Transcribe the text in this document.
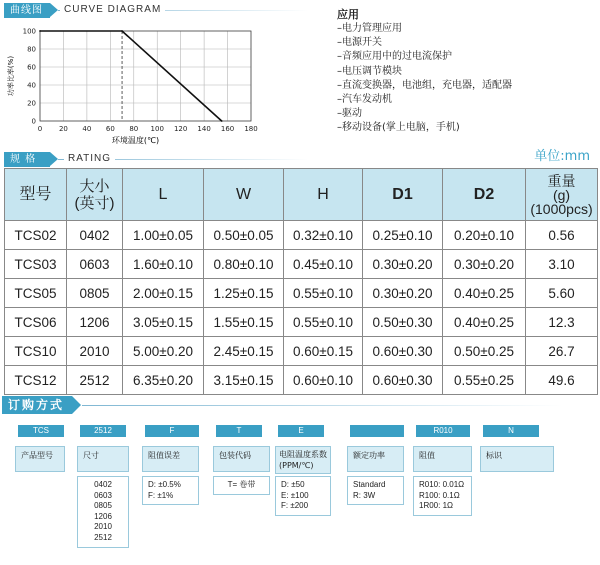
曲线图	CURVE DIAGRAM
0 20 40 60 80 100 120 140 160 180
0
20
40
60
80
100
环境温度(℃)
功率比率(%)
应用
–电力管理应用
–电源开关
–音频应用中的过电流保护
–电压调节模块
–直流变换器，电池组，充电器，适配器
–汽车发动机
–驱动
–移动设备(掌上电脑，手机)
规 格	RATING	单位:mm
型号	大小
(英寸)	L	W	H	D1	D2	重量
(g)
(1000pcs)
TCS02	0402	1.00±0.05	0.50±0.05	0.32±0.10	0.25±0.10	0.20±0.10	0.56
TCS03	0603	1.60±0.10	0.80±0.10	0.45±0.10	0.30±0.20	0.30±0.20	3.10
TCS05	0805	2.00±0.15	1.25±0.15	0.55±0.10	0.30±0.20	0.40±0.25	5.60
TCS06	1206	3.05±0.15	1.55±0.15	0.55±0.10	0.50±0.30	0.40±0.25	12.3
TCS10	2010	5.00±0.20	2.45±0.15	0.60±0.15	0.60±0.30	0.50±0.25	26.7
TCS12	2512	6.35±0.20	3.15±0.15	0.60±0.10	0.60±0.30	0.55±0.25	49.6
订购方式
TCS
产品型号
2512
尺寸
0402
0603
0805
1206
2010
2512
F
阻值误差
D: ±0.5%
F: ±1%
T
包装代码
T= 卷带
E
电阻温度系数
(PPM/℃)
D: ±50
E: ±100
F: ±200
额定功率
Standard
R: 3W
R010
阻值
R010: 0.01Ω
R100: 0.1Ω
1R00: 1Ω
N
标识
